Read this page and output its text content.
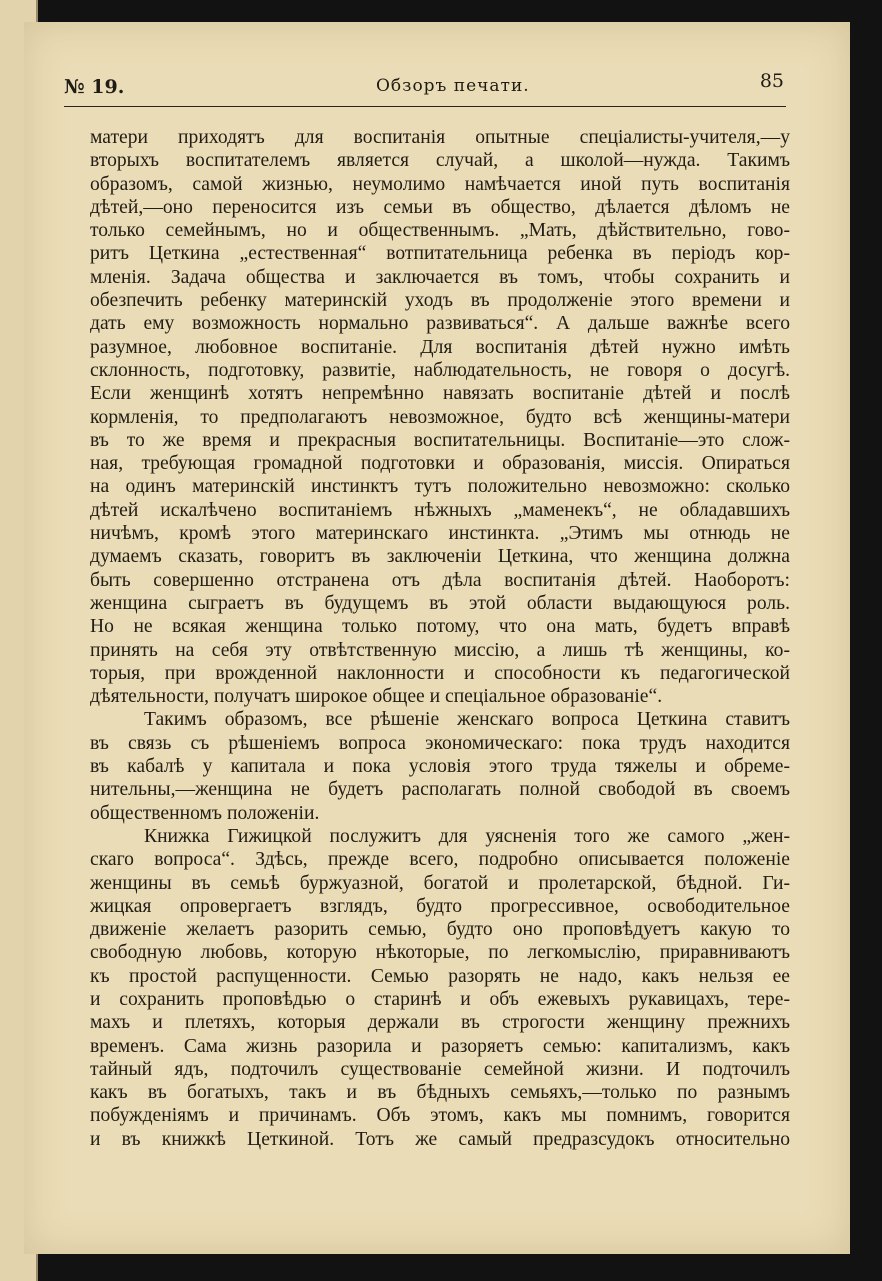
№ 19.	Обзоръ печати.	85
матери приходятъ для воспитанія опытные спеціалисты-учителя,—у
вторыхъ воспитателемъ является случай, а школой—нужда. Такимъ
образомъ, самой жизнью, неумолимо намѣчается иной путь воспитанія
дѣтей,—оно переносится изъ семьи въ общество, дѣлается дѣломъ не
только семейнымъ, но и общественнымъ. „Мать, дѣйствительно, гово-
ритъ Цеткина „естественная“ вотпитательница ребенка въ періодъ кор-
мленія. Задача общества и заключается въ томъ, чтобы сохранить и
обезпечить ребенку материнскій уходъ въ продолженіе этого времени и
дать ему возможность нормально развиваться“. А дальше важнѣе всего
разумное, любовное воспитаніе. Для воспитанія дѣтей нужно имѣть
склонность, подготовку, развитіе, наблюдательность, не говоря о досугѣ.
Если женщинѣ хотятъ непремѣнно навязать воспитаніе дѣтей и послѣ
кормленія, то предполагаютъ невозможное, будто всѣ женщины-матери
въ то же время и прекрасныя воспитательницы. Воспитаніе—это слож-
ная, требующая громадной подготовки и образованія, миссія. Опираться
на одинъ материнскій инстинктъ тутъ положительно невозможно: сколько
дѣтей искалѣчено воспитаніемъ нѣжныхъ „маменекъ“, не обладавшихъ
ничѣмъ, кромѣ этого материнскаго инстинкта. „Этимъ мы отнюдь не
думаемъ сказать, говоритъ въ заключеніи Цеткина, что женщина должна
быть совершенно отстранена отъ дѣла воспитанія дѣтей. Наоборотъ:
женщина сыграетъ въ будущемъ въ этой области выдающуюся роль.
Но не всякая женщина только потому, что она мать, будетъ вправѣ
принять на себя эту отвѣтственную миссію, а лишь тѣ женщины, ко-
торыя, при врожденной наклонности и способности къ педагогической
дѣятельности, получатъ широкое общее и спеціальное образованіе“.
Такимъ образомъ, все рѣшеніе женскаго вопроса Цеткина ставитъ
въ связь съ рѣшеніемъ вопроса экономическаго: пока трудъ находится
въ кабалѣ у капитала и пока условія этого труда тяжелы и обреме-
нительны,—женщина не будетъ располагать полной свободой въ своемъ
общественномъ положеніи.
Книжка Гижицкой послужитъ для уясненія того же самого „жен-
скаго вопроса“. Здѣсь, прежде всего, подробно описывается положеніе
женщины въ семьѣ буржуазной, богатой и пролетарской, бѣдной. Ги-
жицкая опровергаетъ взглядъ, будто прогрессивное, освободительное
движеніе желаетъ разорить семью, будто оно проповѣдуетъ какую то
свободную любовь, которую нѣкоторые, по легкомыслію, приравниваютъ
къ простой распущенности. Семью разорять не надо, какъ нельзя ее
и сохранить проповѣдью о старинѣ и объ ежевыхъ рукавицахъ, тере-
махъ и плетяхъ, которыя держали въ строгости женщину прежнихъ
временъ. Сама жизнь разорила и разоряетъ семью: капитализмъ, какъ
тайный ядъ, подточилъ существованіе семейной жизни. И подточилъ
какъ въ богатыхъ, такъ и въ бѣдныхъ семьяхъ,—только по разнымъ
побужденіямъ и причинамъ. Объ этомъ, какъ мы помнимъ, говорится
и въ книжкѣ Цеткиной. Тотъ же самый предразсудокъ относительно
